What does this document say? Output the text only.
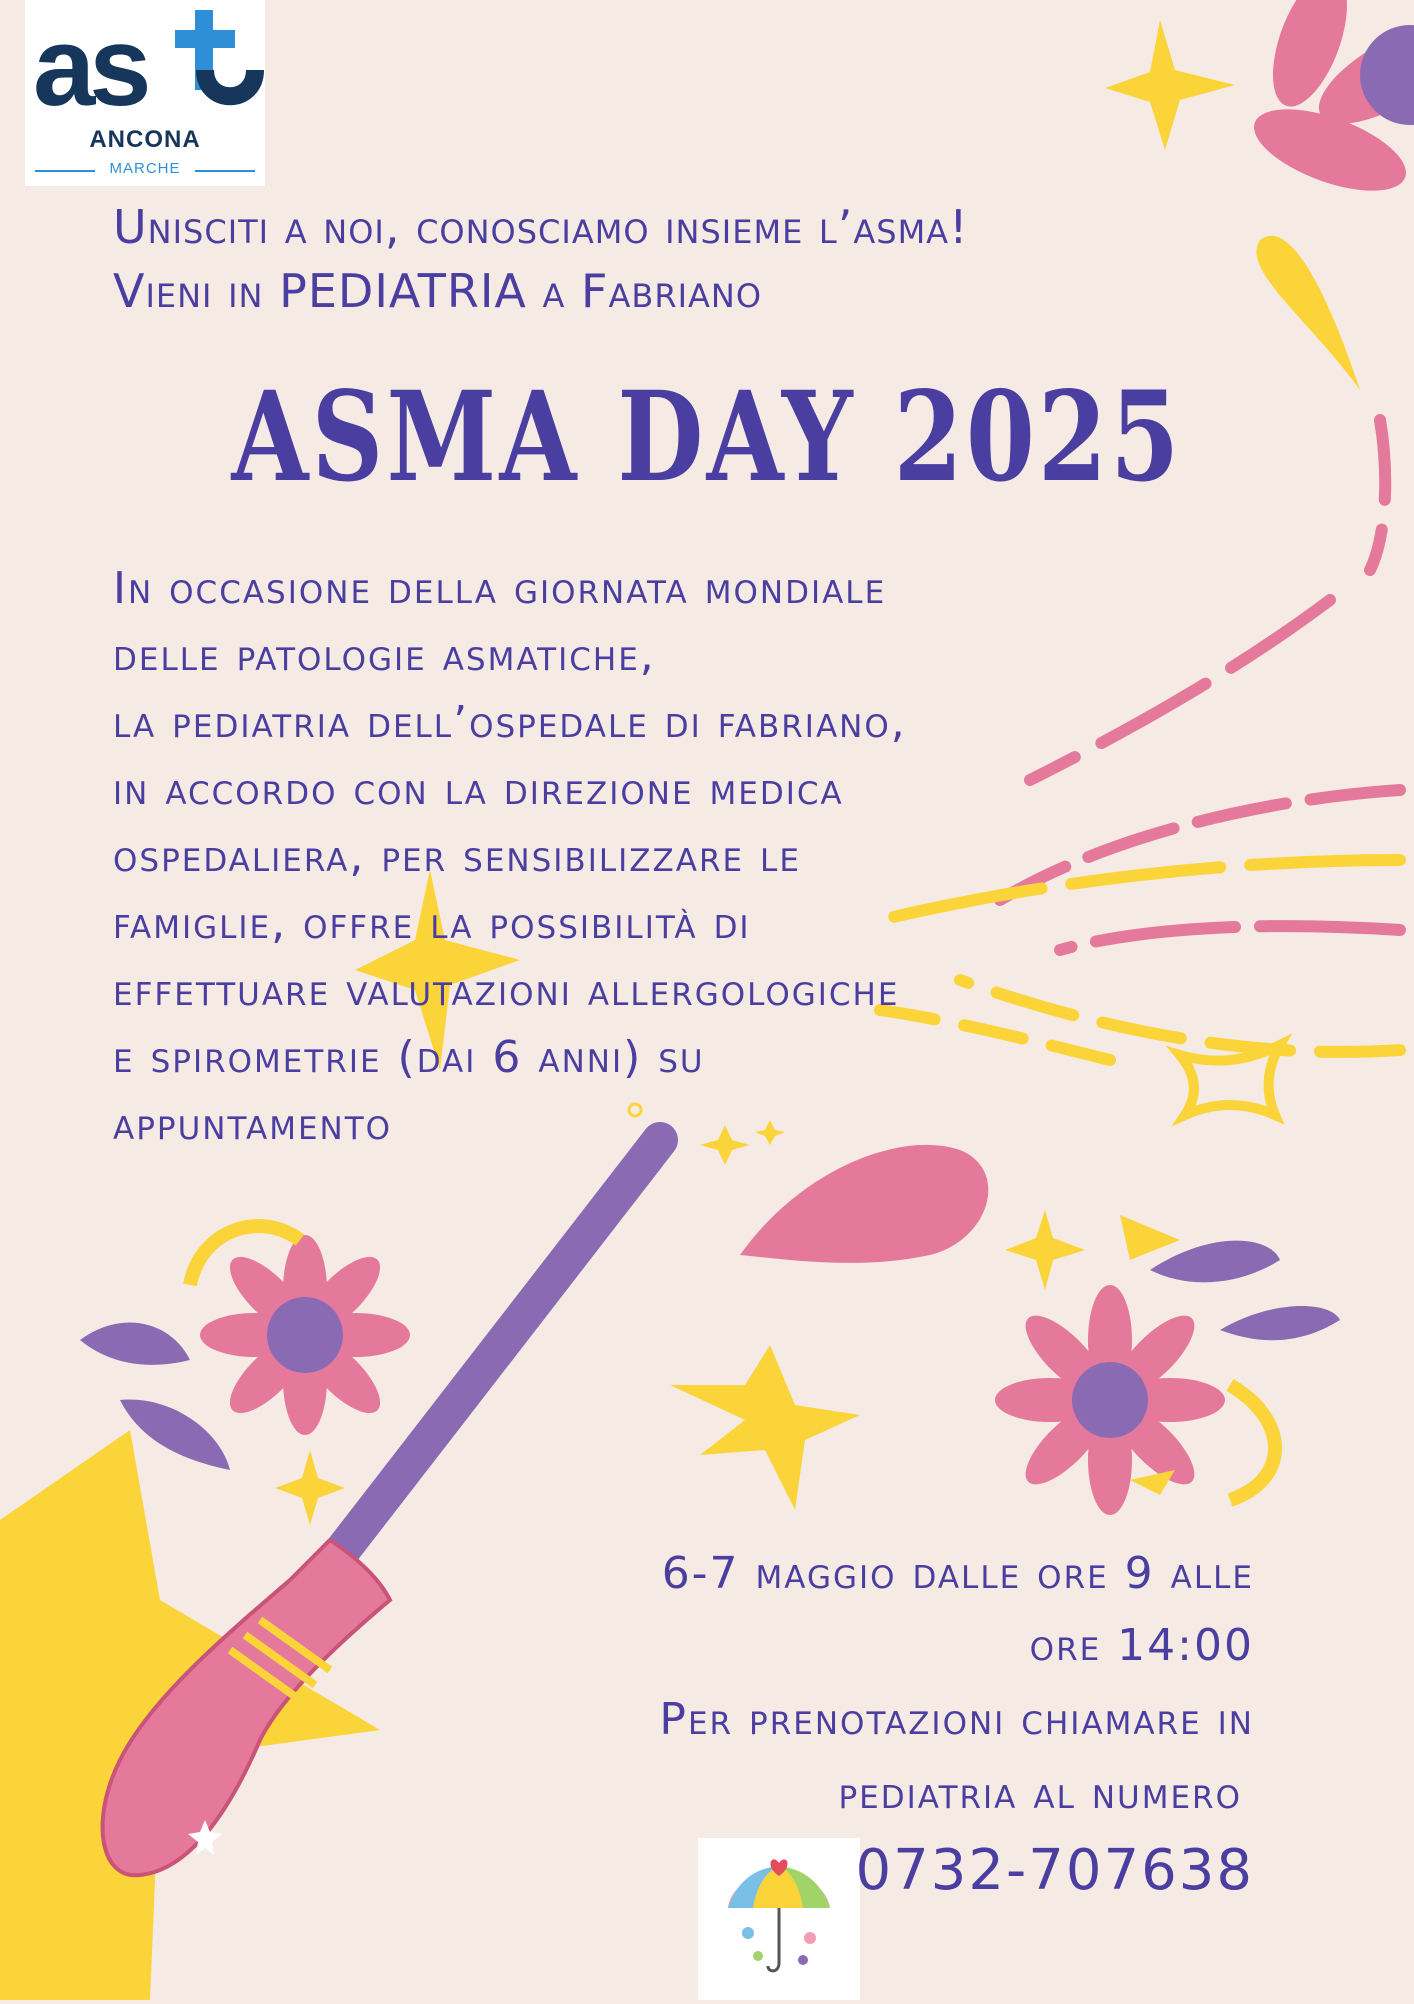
as
ANCONA
MARCHE
Unisciti a noi, conosciamo insieme l’asma!
Vieni in PEDIATRIA a Fabriano
ASMA DAY 2025
In occasione della giornata mondiale
delle patologie asmatiche,
la pediatria dell’ospedale di fabriano,
in accordo con la direzione medica
ospedaliera, per sensibilizzare le
famiglie, offre la possibilità di
effettuare valutazioni allergologiche
e spirometrie (dai 6 anni) su
appuntamento
6-7 maggio dalle ore 9 alle
ore 14:00
Per prenotazioni chiamare in
pediatria al numero
0732-707638
